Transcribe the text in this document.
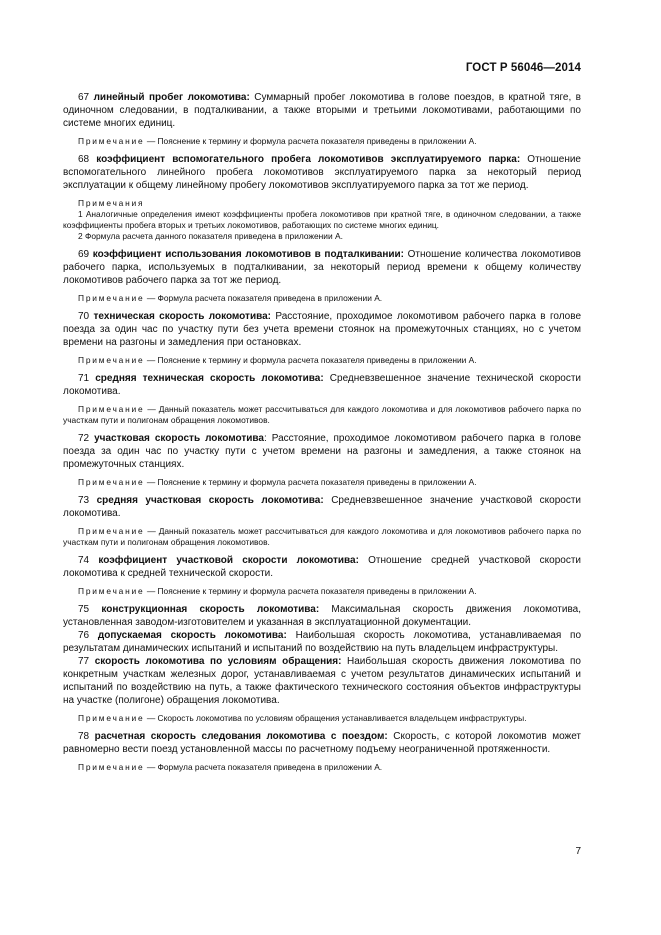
ГОСТ Р 56046—2014

67 линейный пробег локомотива: Суммарный пробег локомотива в голове поездов, в кратной тяге, в одиночном следовании, в подталкивании, а также вторыми и третьими локомотивами, работающими по системе многих единиц.

Примечание — Пояснение к термину и формула расчета показателя приведены в приложении А.

68 коэффициент вспомогательного пробега локомотивов эксплуатируемого парка: Отношение вспомогательного линейного пробега локомотивов эксплуатируемого парка за некоторый период эксплуатации к общему линейному пробегу локомотивов эксплуатируемого парка за тот же период.

Примечания

1 Аналогичные определения имеют коэффициенты пробега локомотивов при кратной тяге, в одиночном следовании, а также коэффициенты пробега вторых и третьих локомотивов, работающих по системе многих единиц.

2 Формула расчета данного показателя приведена в приложении А.

69 коэффициент использования локомотивов в подталкивании: Отношение количества локомотивов рабочего парка, используемых в подталкивании, за некоторый период времени к общему количеству локомотивов рабочего парка за тот же период.

Примечание — Формула расчета показателя приведена в приложении А.

70 техническая скорость локомотива: Расстояние, проходимое локомотивом рабочего парка в голове поезда за один час по участку пути без учета времени стоянок на промежуточных станциях, но с учетом времени на разгоны и замедления при остановках.

Примечание — Пояснение к термину и формула расчета показателя приведены в приложении А.

71 средняя техническая скорость локомотива: Средневзвешенное значение технической скорости локомотива.

Примечание — Данный показатель может рассчитываться для каждого локомотива и для локомотивов рабочего парка по участкам пути и полигонам обращения локомотивов.

72 участковая скорость локомотива: Расстояние, проходимое локомотивом рабочего парка в голове поезда за один час по участку пути с учетом времени на разгоны и замедления, а также стоянок на промежуточных станциях.

Примечание — Пояснение к термину и формула расчета показателя приведены в приложении А.

73 средняя участковая скорость локомотива: Средневзвешенное значение участковой скорости локомотива.

Примечание — Данный показатель может рассчитываться для каждого локомотива и для локомотивов рабочего парка по участкам пути и полигонам обращения локомотивов.

74 коэффициент участковой скорости локомотива: Отношение средней участковой скорости локомотива к средней технической скорости.

Примечание — Пояснение к термину и формула расчета показателя приведены в приложении А.

75 конструкционная скорость локомотива: Максимальная скорость движения локомотива, установленная заводом-изготовителем и указанная в эксплуатационной документации.

76 допускаемая скорость локомотива: Наибольшая скорость локомотива, устанавливаемая по результатам динамических испытаний и испытаний по воздействию на путь владельцем инфраструктуры.

77 скорость локомотива по условиям обращения: Наибольшая скорость движения локомотива по конкретным участкам железных дорог, устанавливаемая с учетом результатов динамических испытаний и испытаний по воздействию на путь, а также фактического технического состояния объектов инфраструктуры на участке (полигоне) обращения локомотива.

Примечание — Скорость локомотива по условиям обращения устанавливается владельцем инфраструктуры.

78 расчетная скорость следования локомотива с поездом: Скорость, с которой локомотив может равномерно вести поезд установленной массы по расчетному подъему неограниченной протяженности.

Примечание — Формула расчета показателя приведена в приложении А.

7
